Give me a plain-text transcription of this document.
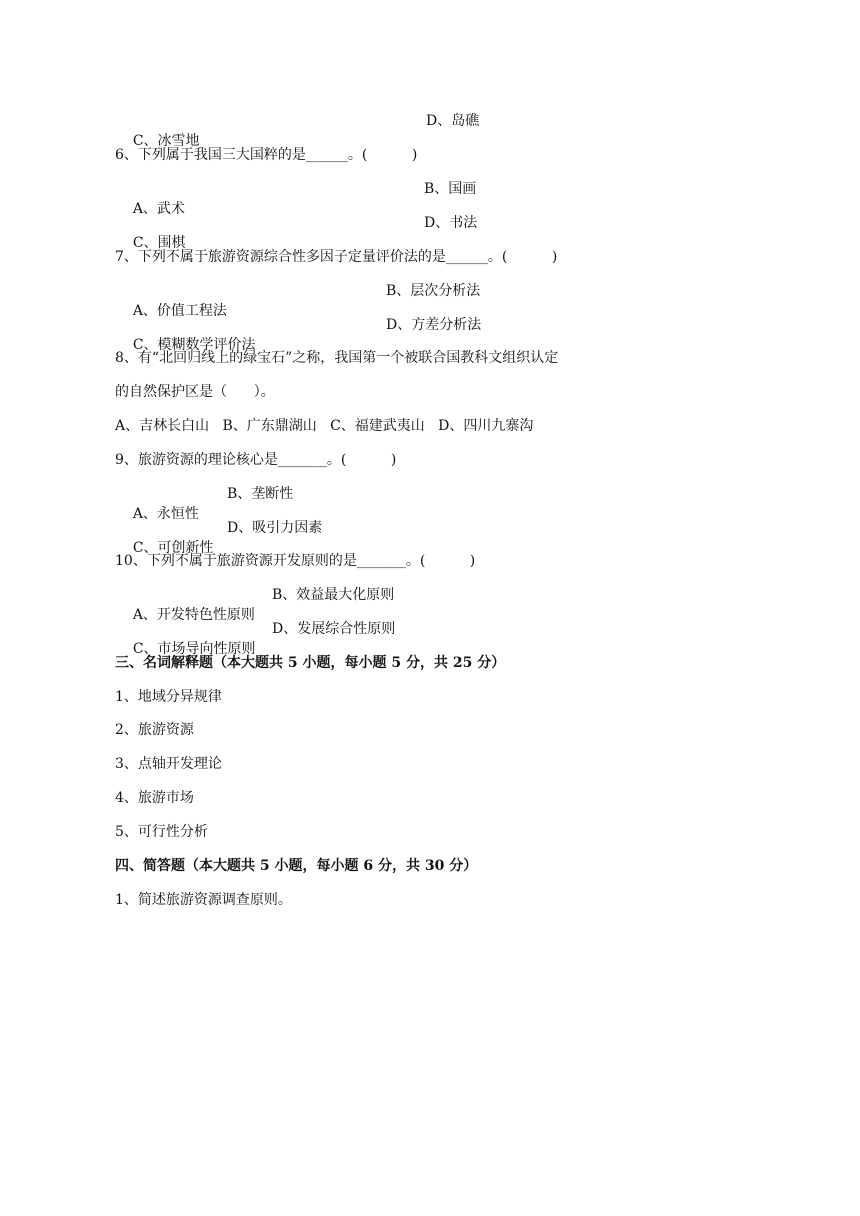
C、冰雪地

D、岛礁

6、下列属于我国三大国粹的是______。(          )

A、武术

B、国画

C、围棋

D、书法

7、下列不属于旅游资源综合性多因子定量评价法的是______。(          )

A、价值工程法

B、层次分析法

C、模糊数学评价法

D、方差分析法

8、有“北回归线上的绿宝石”之称，我国第一个被联合国教科文组织认定
的自然保护区是（      ）。
A、吉林长白山   B、广东鼎湖山   C、福建武夷山   D、四川九寨沟
9、旅游资源的理论核心是_______。(          )

A、永恒性

B、垄断性

C、可创新性

D、吸引力因素

10、下列不属于旅游资源开发原则的是_______。(          )

A、开发特色性原则

B、效益最大化原则

C、市场导向性原则

D、发展综合性原则

三、名词解释题（本大题共 5 小题，每小题 5 分，共 25 分）
1、地域分异规律
2、旅游资源
3、点轴开发理论
4、旅游市场
5、可行性分析
四、简答题（本大题共 5 小题，每小题 6 分，共 30 分）
1、简述旅游资源调查原则。
